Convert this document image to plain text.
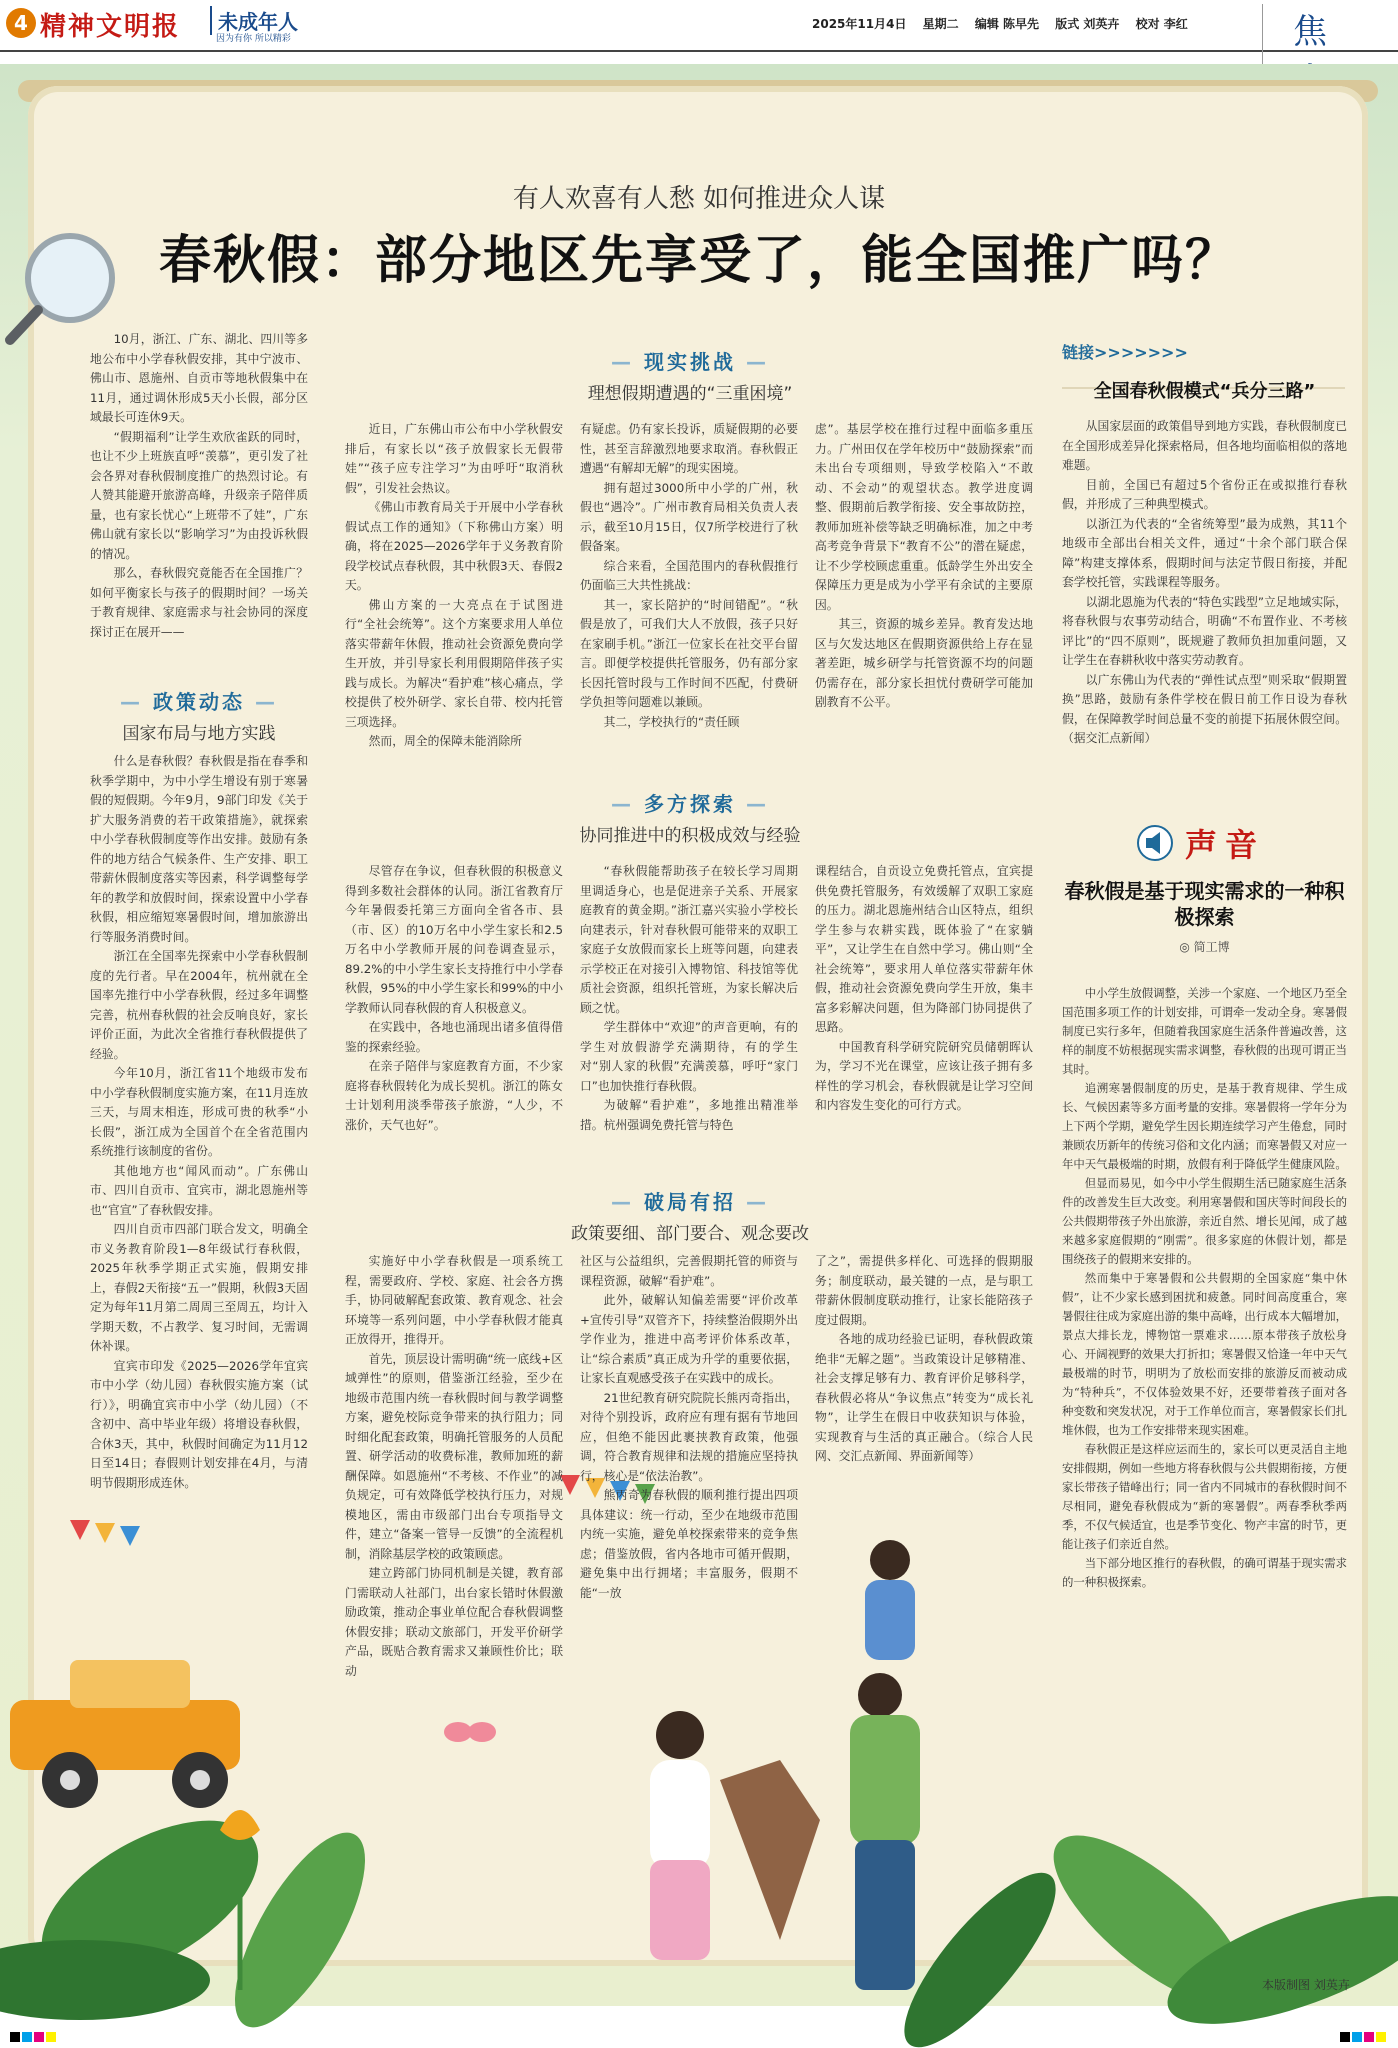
4 精神文明报	未成年人
因为有你 所以精彩
2025年11月4日 星期二 编辑 陈早先 版式 刘英卉 校对 李红	焦
有人欢喜有人愁 如何推进众人谋
春秋假：部分地区先享受了，能全国推广吗？

10月，浙江、广东、湖北、四川等多地公布中小学春秋假安排，其中宁波市、佛山市、恩施州、自贡市等地秋假集中在11月，通过调休形成5天小长假，部分区域最长可连休9天。

“假期福利”让学生欢欣雀跃的同时，也让不少上班族直呼“羡慕”，更引发了社会各界对春秋假制度推广的热烈讨论。有人赞其能避开旅游高峰，升级亲子陪伴质量，也有家长忧心“上班带不了娃”，广东佛山就有家长以“影响学习”为由投诉秋假的情况。

那么，春秋假究竟能否在全国推广？如何平衡家长与孩子的假期时间？一场关于教育规律、家庭需求与社会协同的深度探讨正在展开——

— 政策动态 —
国家布局与地方实践

什么是春秋假？春秋假是指在春季和秋季学期中，为中小学生增设有别于寒暑假的短假期。今年9月，9部门印发《关于扩大服务消费的若干政策措施》，就探索中小学春秋假制度等作出安排。鼓励有条件的地方结合气候条件、生产安排、职工带薪休假制度落实等因素，科学调整每学年的教学和放假时间，探索设置中小学春秋假，相应缩短寒暑假时间，增加旅游出行等服务消费时间。

浙江在全国率先探索中小学春秋假制度的先行者。早在2004年，杭州就在全国率先推行中小学春秋假，经过多年调整完善，杭州春秋假的社会反响良好，家长评价正面，为此次全省推行春秋假提供了经验。

今年10月，浙江省11个地级市发布中小学春秋假制度实施方案，在11月连放三天，与周末相连，形成可贵的秋季“小长假”，浙江成为全国首个在全省范围内系统推行该制度的省份。

其他地方也“闻风而动”。广东佛山市、四川自贡市、宜宾市，湖北恩施州等也“官宣”了春秋假安排。

四川自贡市四部门联合发文，明确全市义务教育阶段1—8年级试行春秋假，2025年秋季学期正式实施，假期安排上，春假2天衔接“五一”假期，秋假3天固定为每年11月第二周周三至周五，均计入学期天数，不占教学、复习时间，无需调休补课。

宜宾市印发《2025—2026学年宜宾市中小学（幼儿园）春秋假实施方案（试行）》，明确宜宾市中小学（幼儿园）（不含初中、高中毕业年级）将增设春秋假，合休3天，其中，秋假时间确定为11月12日至14日；春假则计划安排在4月，与清明节假期形成连休。

— 现实挑战 —
理想假期遭遇的“三重困境”

近日，广东佛山市公布中小学秋假安排后，有家长以“孩子放假家长无假带娃”“孩子应专注学习”为由呼吁“取消秋假”，引发社会热议。

《佛山市教育局关于开展中小学春秋假试点工作的通知》（下称佛山方案）明确，将在2025—2026学年于义务教育阶段学校试点春秋假，其中秋假3天、春假2天。

佛山方案的一大亮点在于试图进行“全社会统筹”。这个方案要求用人单位落实带薪年休假，推动社会资源免费向学生开放，并引导家长利用假期陪伴孩子实践与成长。为解决“看护难”核心痛点，学校提供了校外研学、家长自带、校内托管三项选择。

然而，周全的保障未能消除所

有疑虑。仍有家长投诉，质疑假期的必要性，甚至言辞激烈地要求取消。春秋假正遭遇“有解却无解”的现实困境。

拥有超过3000所中小学的广州，秋假也“遇冷”。广州市教育局相关负责人表示，截至10月15日，仅7所学校进行了秋假备案。

综合来看，全国范围内的春秋假推行仍面临三大共性挑战：

其一，家长陪护的“时间错配”。“秋假是放了，可我们大人不放假，孩子只好在家刷手机。”浙江一位家长在社交平台留言。即便学校提供托管服务，仍有部分家长因托管时段与工作时间不匹配，付费研学负担等问题难以兼顾。

其二，学校执行的“责任顾

虑”。基层学校在推行过程中面临多重压力。广州田仅在学年校历中“鼓励探索”而未出台专项细则，导致学校陷入“不敢动、不会动”的观望状态。教学进度调整、假期前后教学衔接、安全事故防控，教师加班补偿等缺乏明确标准，加之中考高考竞争背景下“教育不公”的潜在疑虑，让不少学校顾虑重重。低龄学生外出安全保障压力更是成为小学平有余试的主要原因。

其三，资源的城乡差异。教育发达地区与欠发达地区在假期资源供给上存在显著差距，城乡研学与托管资源不均的问题仍需存在，部分家长担忧付费研学可能加剧教育不公平。

— 多方探索 —
协同推进中的积极成效与经验

尽管存在争议，但春秋假的积极意义得到多数社会群体的认同。浙江省教育厅今年暑假委托第三方面向全省各市、县（市、区）的10万名中小学生家长和2.5万名中小学教师开展的问卷调查显示，89.2%的中小学生家长支持推行中小学春秋假，95%的中小学生家长和99%的中小学教师认同春秋假的育人积极意义。

在实践中，各地也涌现出诸多值得借鉴的探索经验。

在亲子陪伴与家庭教育方面，不少家庭将春秋假转化为成长契机。浙江的陈女士计划利用淡季带孩子旅游，“人少，不涨价，天气也好”。

“春秋假能帮助孩子在较长学习周期里调适身心，也是促进亲子关系、开展家庭教育的黄金期。”浙江嘉兴实验小学校长向建表示，针对春秋假可能带来的双职工家庭子女放假而家长上班等问题，向建表示学校正在对接引入博物馆、科技馆等优质社会资源，组织托管班，为家长解决后顾之忧。

学生群体中“欢迎”的声音更响，有的学生对放假游学充满期待，有的学生对“别人家的秋假”充满羡慕，呼吁“家门口”也加快推行春秋假。

为破解“看护难”，多地推出精准举措。杭州强调免费托管与特色

课程结合，自贡设立免费托管点，宜宾提供免费托管服务，有效缓解了双职工家庭的压力。湖北恩施州结合山区特点，组织学生参与农耕实践，既体验了“在家躺平”，又让学生在自然中学习。佛山则“全社会统筹”，要求用人单位落实带薪年休假，推动社会资源免费向学生开放，集丰富多彩解决问题，但为降部门协同提供了思路。

中国教育科学研究院研究员储朝晖认为，学习不光在课堂，应该让孩子拥有多样性的学习机会，春秋假就是让学习空间和内容发生变化的可行方式。

— 破局有招 —
政策要细、部门要合、观念要改

实施好中小学春秋假是一项系统工程，需要政府、学校、家庭、社会各方携手，协同破解配套政策、教育观念、社会环境等一系列问题，中小学春秋假才能真正放得开，推得开。

首先，顶层设计需明确“统一底线+区域弹性”的原则，借鉴浙江经验，至少在地级市范围内统一春秋假时间与教学调整方案，避免校际竞争带来的执行阻力；同时细化配套政策，明确托管服务的人员配置、研学活动的收费标准，教师加班的薪酬保障。如恩施州“不考核、不作业”的减负规定，可有效降低学校执行压力，对规模地区，需由市级部门出台专项指导文件，建立“备案一管导一反馈”的全流程机制，消除基层学校的政策顾虑。

建立跨部门协同机制是关键，教育部门需联动人社部门，出台家长错时休假激励政策，推动企事业单位配合春秋假调整休假安排；联动文旅部门，开发平价研学产品，既贴合教育需求又兼顾性价比；联动

社区与公益组织，完善假期托管的师资与课程资源，破解“看护难”。

此外，破解认知偏差需要“评价改革+宣传引导”双管齐下，持续整治假期外出学作业为，推进中高考评价体系改革，让“综合素质”真正成为升学的重要依据，让家长直观感受孩子在实践中的成长。

21世纪教育研究院院长熊丙奇指出，对待个别投诉，政府应有理有据有节地回应，但绝不能因此裹挟教育政策，他强调，符合教育规律和法规的措施应坚持执行，核心是“依法治教”。

熊丙奇为春秋假的顺利推行提出四项具体建议：统一行动，至少在地级市范围内统一实施，避免单校探索带来的竞争焦虑；借鉴放假，省内各地市可循开假期，避免集中出行拥堵；丰富服务，假期不能“一放

了之”，需提供多样化、可选择的假期服务；制度联动，最关键的一点，是与职工带薪休假制度联动推行，让家长能陪孩子度过假期。

各地的成功经验已证明，春秋假政策绝非“无解之题”。当政策设计足够精准、社会支撑足够有力、教育评价足够科学，春秋假必将从“争议焦点”转变为“成长礼物”，让学生在假日中收获知识与体验，实现教育与生活的真正融合。（综合人民网、交汇点新闻、界面新闻等）

链接>>>>>>>
全国春秋假模式“兵分三路”

从国家层面的政策倡导到地方实践，春秋假制度已在全国形成差异化探索格局，但各地均面临相似的落地难题。

目前，全国已有超过5个省份正在或拟推行春秋假，并形成了三种典型模式。

以浙江为代表的“全省统筹型”最为成熟，其11个地级市全部出台相关文件，通过“十余个部门联合保障”构建支撑体系，假期时间与法定节假日衔接，并配套学校托管，实践课程等服务。

以湖北恩施为代表的“特色实践型”立足地域实际，将春秋假与农事劳动结合，明确“不布置作业、不考核评比”的“四不原则”，既规避了教师负担加重问题，又让学生在春耕秋收中落实劳动教育。

以广东佛山为代表的“弹性试点型”则采取“假期置换”思路，鼓励有条件学校在假日前工作日设为春秋假，在保障教学时间总量不变的前提下拓展休假空间。（据交汇点新闻）

声音
春秋假是基于现实需求的一种积极探索
◎ 简工博

中小学生放假调整，关涉一个家庭、一个地区乃至全国范围多项工作的计划安排，可谓牵一发动全身。寒暑假制度已实行多年，但随着我国家庭生活条件普遍改善，这样的制度不妨根据现实需求调整，春秋假的出现可谓正当其时。

追溯寒暑假制度的历史，是基于教育规律、学生成长、气候因素等多方面考量的安排。寒暑假将一学年分为上下两个学期，避免学生因长期连续学习产生倦怠，同时兼顾农历新年的传统习俗和文化内涵；而寒暑假又对应一年中天气最极端的时期，放假有利于降低学生健康风险。

但显而易见，如今中小学生假期生活已随家庭生活条件的改善发生巨大改变。利用寒暑假和国庆等时间段长的公共假期带孩子外出旅游，亲近自然、增长见闻，成了越来越多家庭假期的“刚需”。很多家庭的休假计划，都是围绕孩子的假期来安排的。

然而集中于寒暑假和公共假期的全国家庭“集中休假”，让不少家长感到困扰和疲惫。同时间高度重合，寒暑假往往成为家庭出游的集中高峰，出行成本大幅增加，景点大排长龙，博物馆一票难求……原本带孩子放松身心、开阔视野的效果大打折扣；寒暑假又恰逢一年中天气最极端的时节，明明为了放松而安排的旅游反而被动成为“特种兵”，不仅体验效果不好，还要带着孩子面对各种变数和突发状况，对于工作单位而言，寒暑假家长们扎堆休假，也为工作安排带来现实困难。

春秋假正是这样应运而生的，家长可以更灵活自主地安排假期，例如一些地方将春秋假与公共假期衔接，方便家长带孩子错峰出行；同一省内不同城市的春秋假时间不尽相同，避免春秋假成为“新的寒暑假”。两春季秋季两季，不仅气候适宜，也是季节变化、物产丰富的时节，更能让孩子们亲近自然。

当下部分地区推行的春秋假，的确可谓基于现实需求的一种积极探索。

本版制图 刘英卉
